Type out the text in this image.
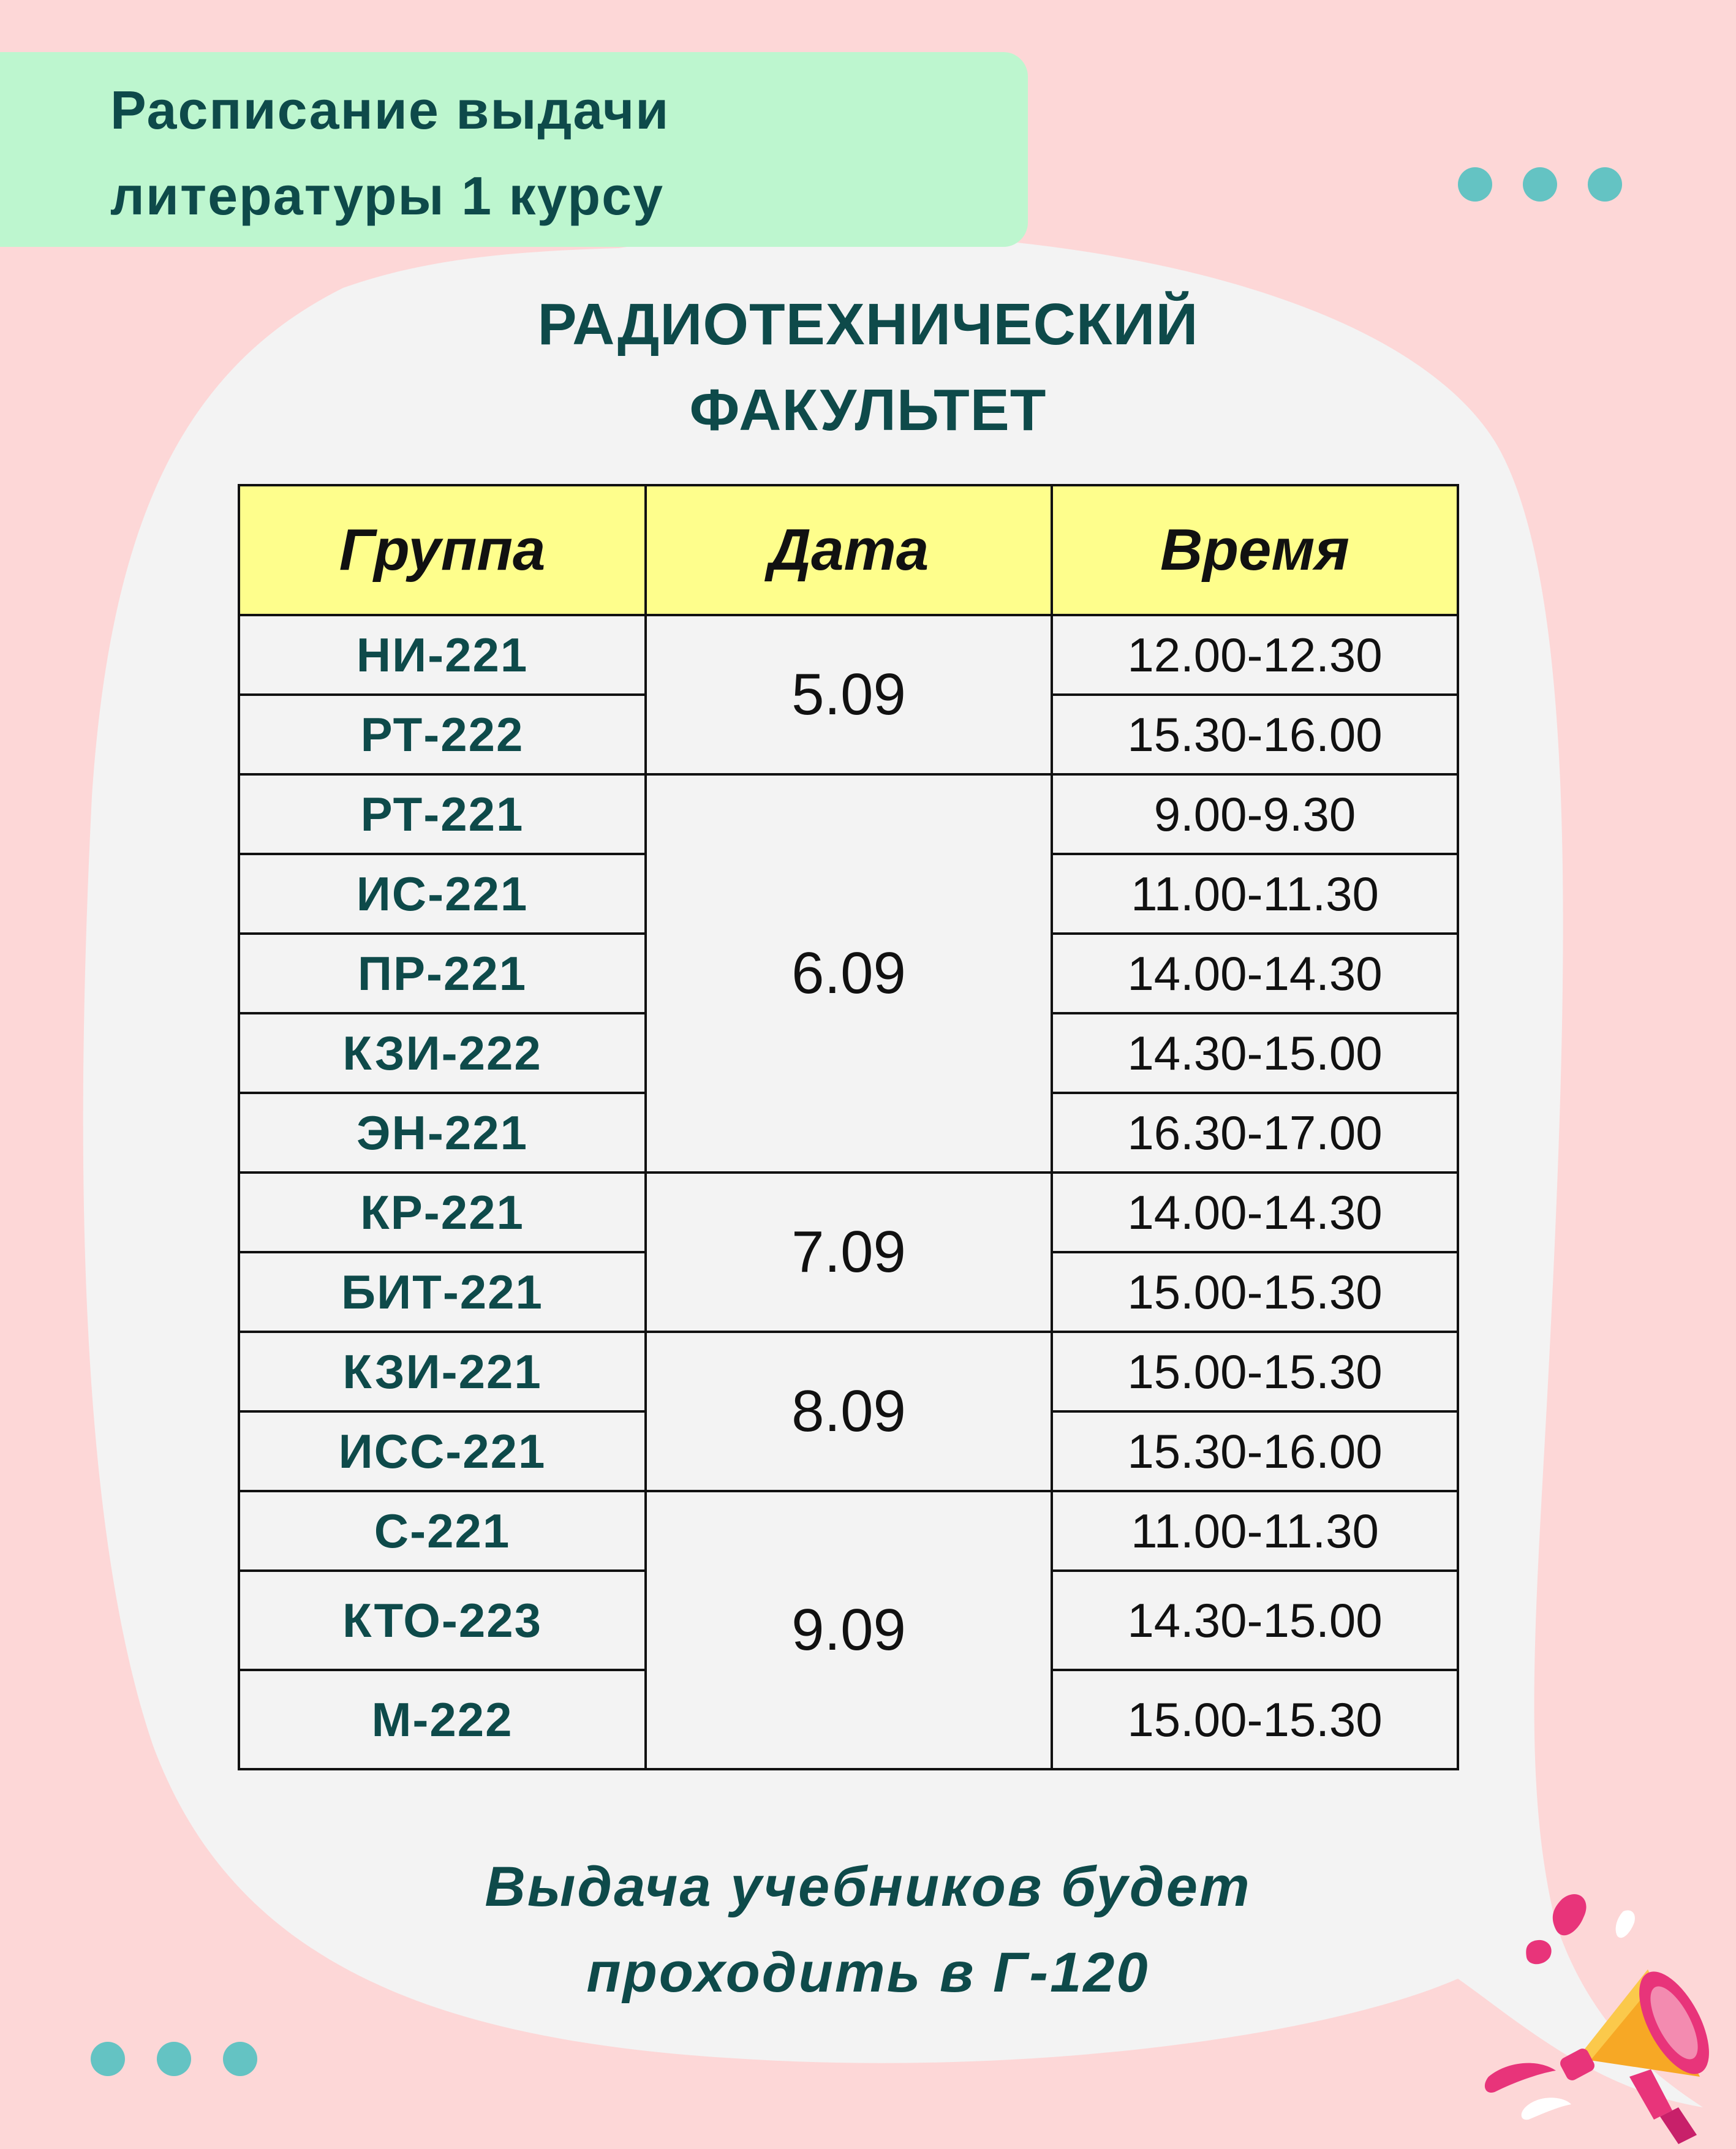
Расписание выдачи
литературы 1 курсу
РАДИОТЕХНИЧЕСКИЙ
ФАКУЛЬТЕТ
Группа	Дата	Время
НИ-221	5.09	12.00-12.30
РТ-222		15.30-16.00
РТ-221	6.09	9.00-9.30
ИС-221		11.00-11.30
ПР-221		14.00-14.30
КЗИ-222		14.30-15.00
ЭН-221		16.30-17.00
КР-221	7.09	14.00-14.30
БИТ-221		15.00-15.30
КЗИ-221	8.09	15.00-15.30
ИСС-221		15.30-16.00
С-221	9.09	11.00-11.30
КТО-223		14.30-15.00
М-222		15.00-15.30
Выдача учебников будет
проходить в Г-120
